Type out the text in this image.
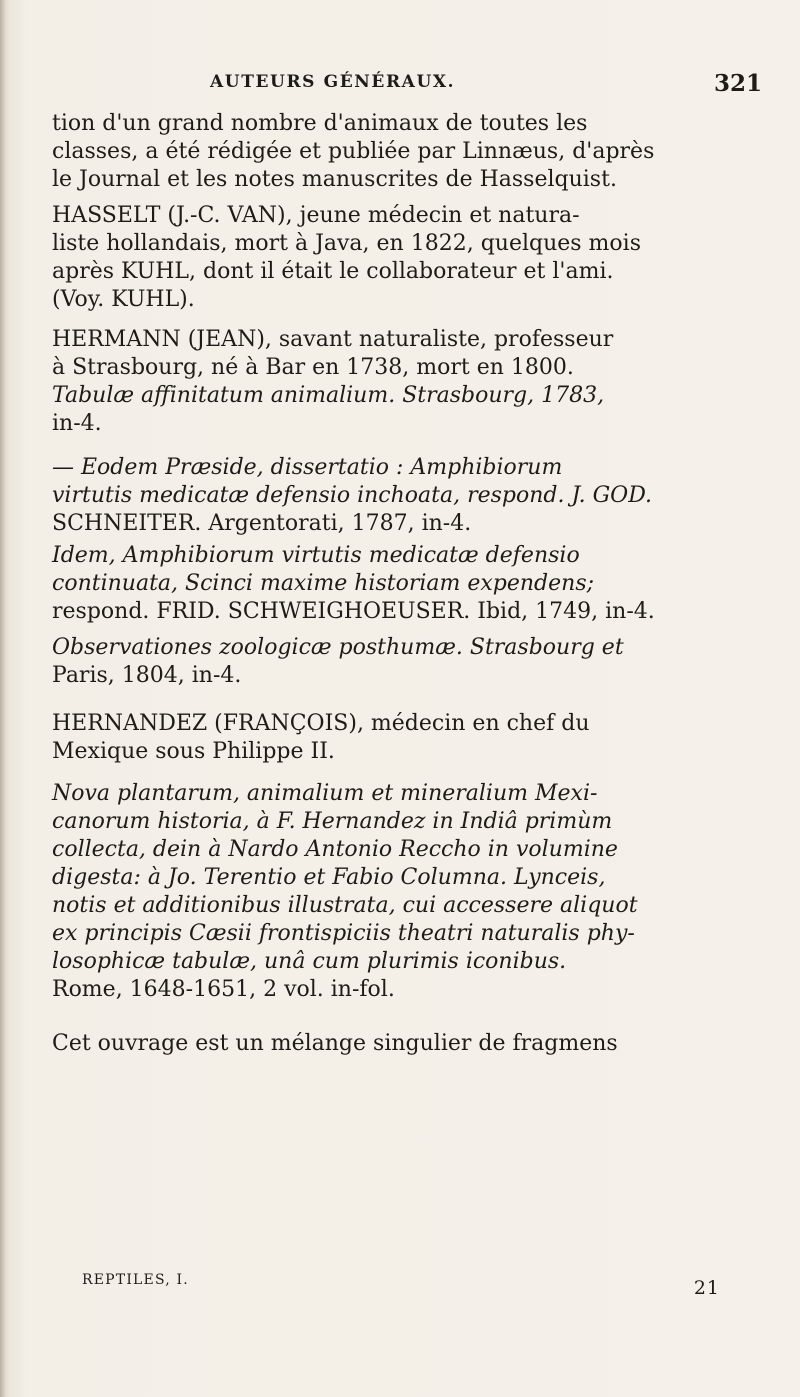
AUTEURS GÉNÉRAUX.	321
tion d'un grand nombre d'animaux de toutes les
classes, a été rédigée et publiée par Linnæus, d'après
le Journal et les notes manuscrites de Hasselquist.
HASSELT (J.-C. VAN), jeune médecin et natura-
liste hollandais, mort à Java, en 1822, quelques mois
après KUHL, dont il était le collaborateur et l'ami.
(Voy. KUHL).
HERMANN (JEAN), savant naturaliste, professeur
à Strasbourg, né à Bar en 1738, mort en 1800.
Tabulæ affinitatum animalium. Strasbourg, 1783,
in-4.
— Eodem Præside, dissertatio : Amphibiorum
virtutis medicatæ defensio inchoata, respond. J. GOD.
SCHNEITER. Argentorati, 1787, in-4.
Idem, Amphibiorum virtutis medicatæ defensio
continuata, Scinci maxime historiam expendens;
respond. FRID. SCHWEIGHOEUSER. Ibid, 1749, in-4.
Observationes zoologicæ posthumæ. Strasbourg et
Paris, 1804, in-4.
HERNANDEZ (FRANÇOIS), médecin en chef du
Mexique sous Philippe II.
Nova plantarum, animalium et mineralium Mexi-
canorum historia, à F. Hernandez in Indiâ primùm
collecta, dein à Nardo Antonio Reccho in volumine
digesta: à Jo. Terentio et Fabio Columna. Lynceis,
notis et additionibus illustrata, cui accessere aliquot
ex principis Cæsii frontispiciis theatri naturalis phy-
losophicæ tabulæ, unâ cum plurimis iconibus.
Rome, 1648-1651, 2 vol. in-fol.
Cet ouvrage est un mélange singulier de fragmens
REPTILES, I.	21
